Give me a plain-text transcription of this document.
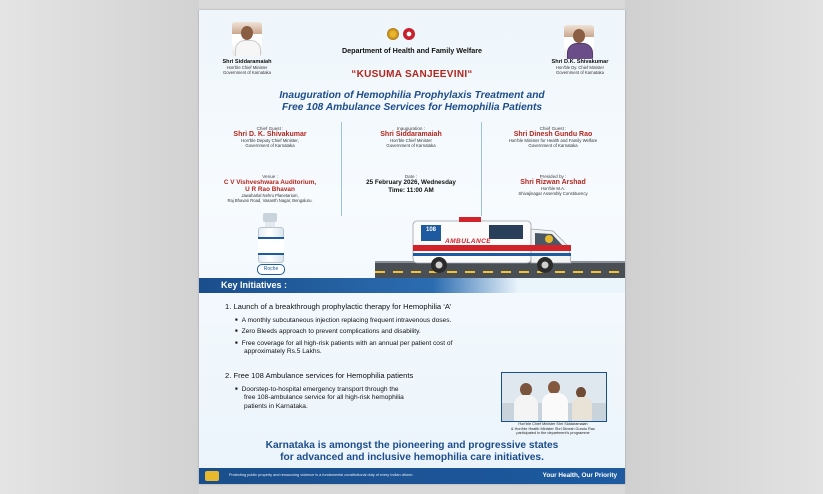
Shri Siddaramaiah
Hon'ble Chief Minister
Government of Karnataka
Department of Health and Family Welfare
Shri D.K. Shivakumar
Hon'ble Dy. Chief Minister
Government of Karnataka
“KUSUMA SANJEEVINI“
Inauguration of Hemophilia Prophylaxis Treatment and
Free 108 Ambulance Services for Hemophilia Patients
Chief Guest :
Shri D. K. Shivakumar
Hon'ble Deputy Chief Minister,
Government of Karnataka
Inauguration :
Shri Siddaramaiah
Hon'ble Chief Minister
Government of Karnataka
Chief Guest :
Shri Dinesh Gundu Rao
Hon'ble Minister for Health and Family Welfare
Government of Karnataka
Venue :
C V Vishveshwara Auditorium,
U R Rao Bhavan
Jawaharlal Nehru Planetarium,
Raj Bhavan Road, Vasanth Nagar, Bengaluru.
Date :
25 February 2026, Wednesday
Time: 11:00 AM
Presided by :
Shri Rizwan Arshad
Hon'ble M.A.
Shivajinagar Assembly Constituency
Roche
108
AMBULANCE
Key Initiatives :
1. Launch of a breakthrough prophylactic therapy for Hemophilia ‘A’
■ A monthly subcutaneous injection replacing frequent intravenous doses.
■ Zero Bleeds approach to prevent complications and disability.
■ Free coverage for all high-risk patients with an annual per patient cost of
approximately Rs.5 Lakhs.
2. Free 108 Ambulance services for Hemophilia patients
■ Doorstep-to-hospital emergency transport through the
free 108-ambulance service for all high-risk hemophilia
patients in Karnataka.
Hon'ble Chief Minister Shri Siddaramaiah
& Hon'ble Health Minister Shri Dinesh Gundu Rao
participated in the department's programme
Karnataka is amongst the pioneering and progressive states
for advanced and inclusive hemophilia care initiatives.
Protecting public property and renouncing violence is a fundamental constitutional duty of every Indian citizen.	Your Health, Our Priority
